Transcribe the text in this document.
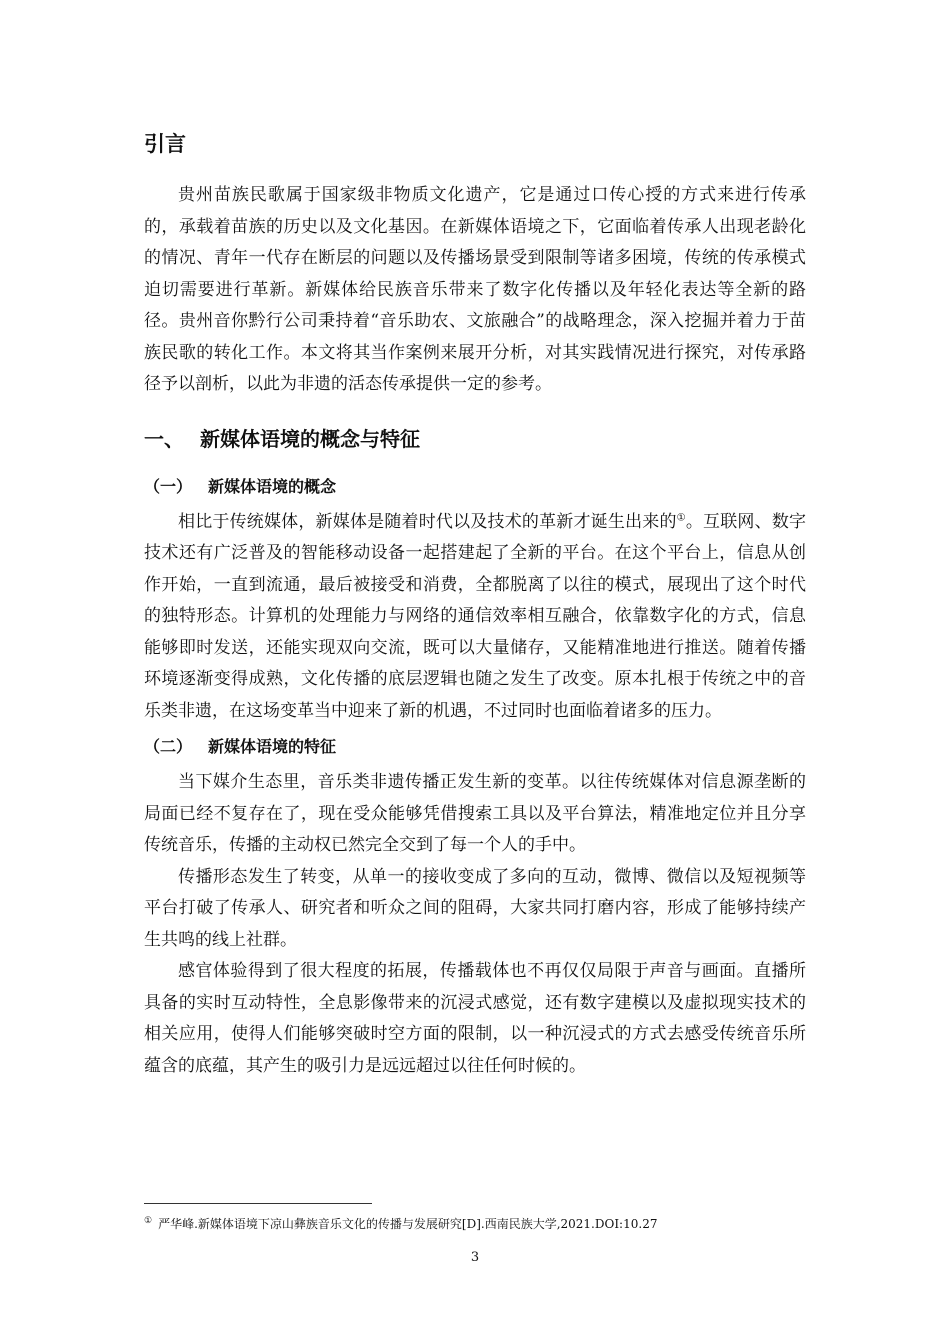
引言

贵州苗族民歌属于国家级非物质文化遗产，它是通过口传心授的方式来进行传承的，承载着苗族的历史以及文化基因。在新媒体语境之下，它面临着传承人出现老龄化的情况、青年一代存在断层的问题以及传播场景受到限制等诸多困境，传统的传承模式迫切需要进行革新。新媒体给民族音乐带来了数字化传播以及年轻化表达等全新的路径。贵州音你黔行公司秉持着“音乐助农、文旅融合”的战略理念，深入挖掘并着力于苗族民歌的转化工作。本文将其当作案例来展开分析，对其实践情况进行探究，对传承路径予以剖析，以此为非遗的活态传承提供一定的参考。

一、 新媒体语境的概念与特征
（一） 新媒体语境的概念

相比于传统媒体，新媒体是随着时代以及技术的革新才诞生出来的①。互联网、数字技术还有广泛普及的智能移动设备一起搭建起了全新的平台。在这个平台上，信息从创作开始，一直到流通，最后被接受和消费，全都脱离了以往的模式，展现出了这个时代的独特形态。计算机的处理能力与网络的通信效率相互融合，依靠数字化的方式，信息能够即时发送，还能实现双向交流，既可以大量储存，又能精准地进行推送。随着传播环境逐渐变得成熟，文化传播的底层逻辑也随之发生了改变。原本扎根于传统之中的音乐类非遗，在这场变革当中迎来了新的机遇，不过同时也面临着诸多的压力。

（二） 新媒体语境的特征

当下媒介生态里，音乐类非遗传播正发生新的变革。以往传统媒体对信息源垄断的局面已经不复存在了，现在受众能够凭借搜索工具以及平台算法，精准地定位并且分享传统音乐，传播的主动权已然完全交到了每一个人的手中。

传播形态发生了转变，从单一的接收变成了多向的互动，微博、微信以及短视频等平台打破了传承人、研究者和听众之间的阻碍，大家共同打磨内容，形成了能够持续产生共鸣的线上社群。

感官体验得到了很大程度的拓展，传播载体也不再仅仅局限于声音与画面。直播所具备的实时互动特性，全息影像带来的沉浸式感觉，还有数字建模以及虚拟现实技术的相关应用，使得人们能够突破时空方面的限制，以一种沉浸式的方式去感受传统音乐所蕴含的底蕴，其产生的吸引力是远远超过以往任何时候的。

① 严华峰.新媒体语境下凉山彝族音乐文化的传播与发展研究[D].西南民族大学,2021.DOI:10.27
3
